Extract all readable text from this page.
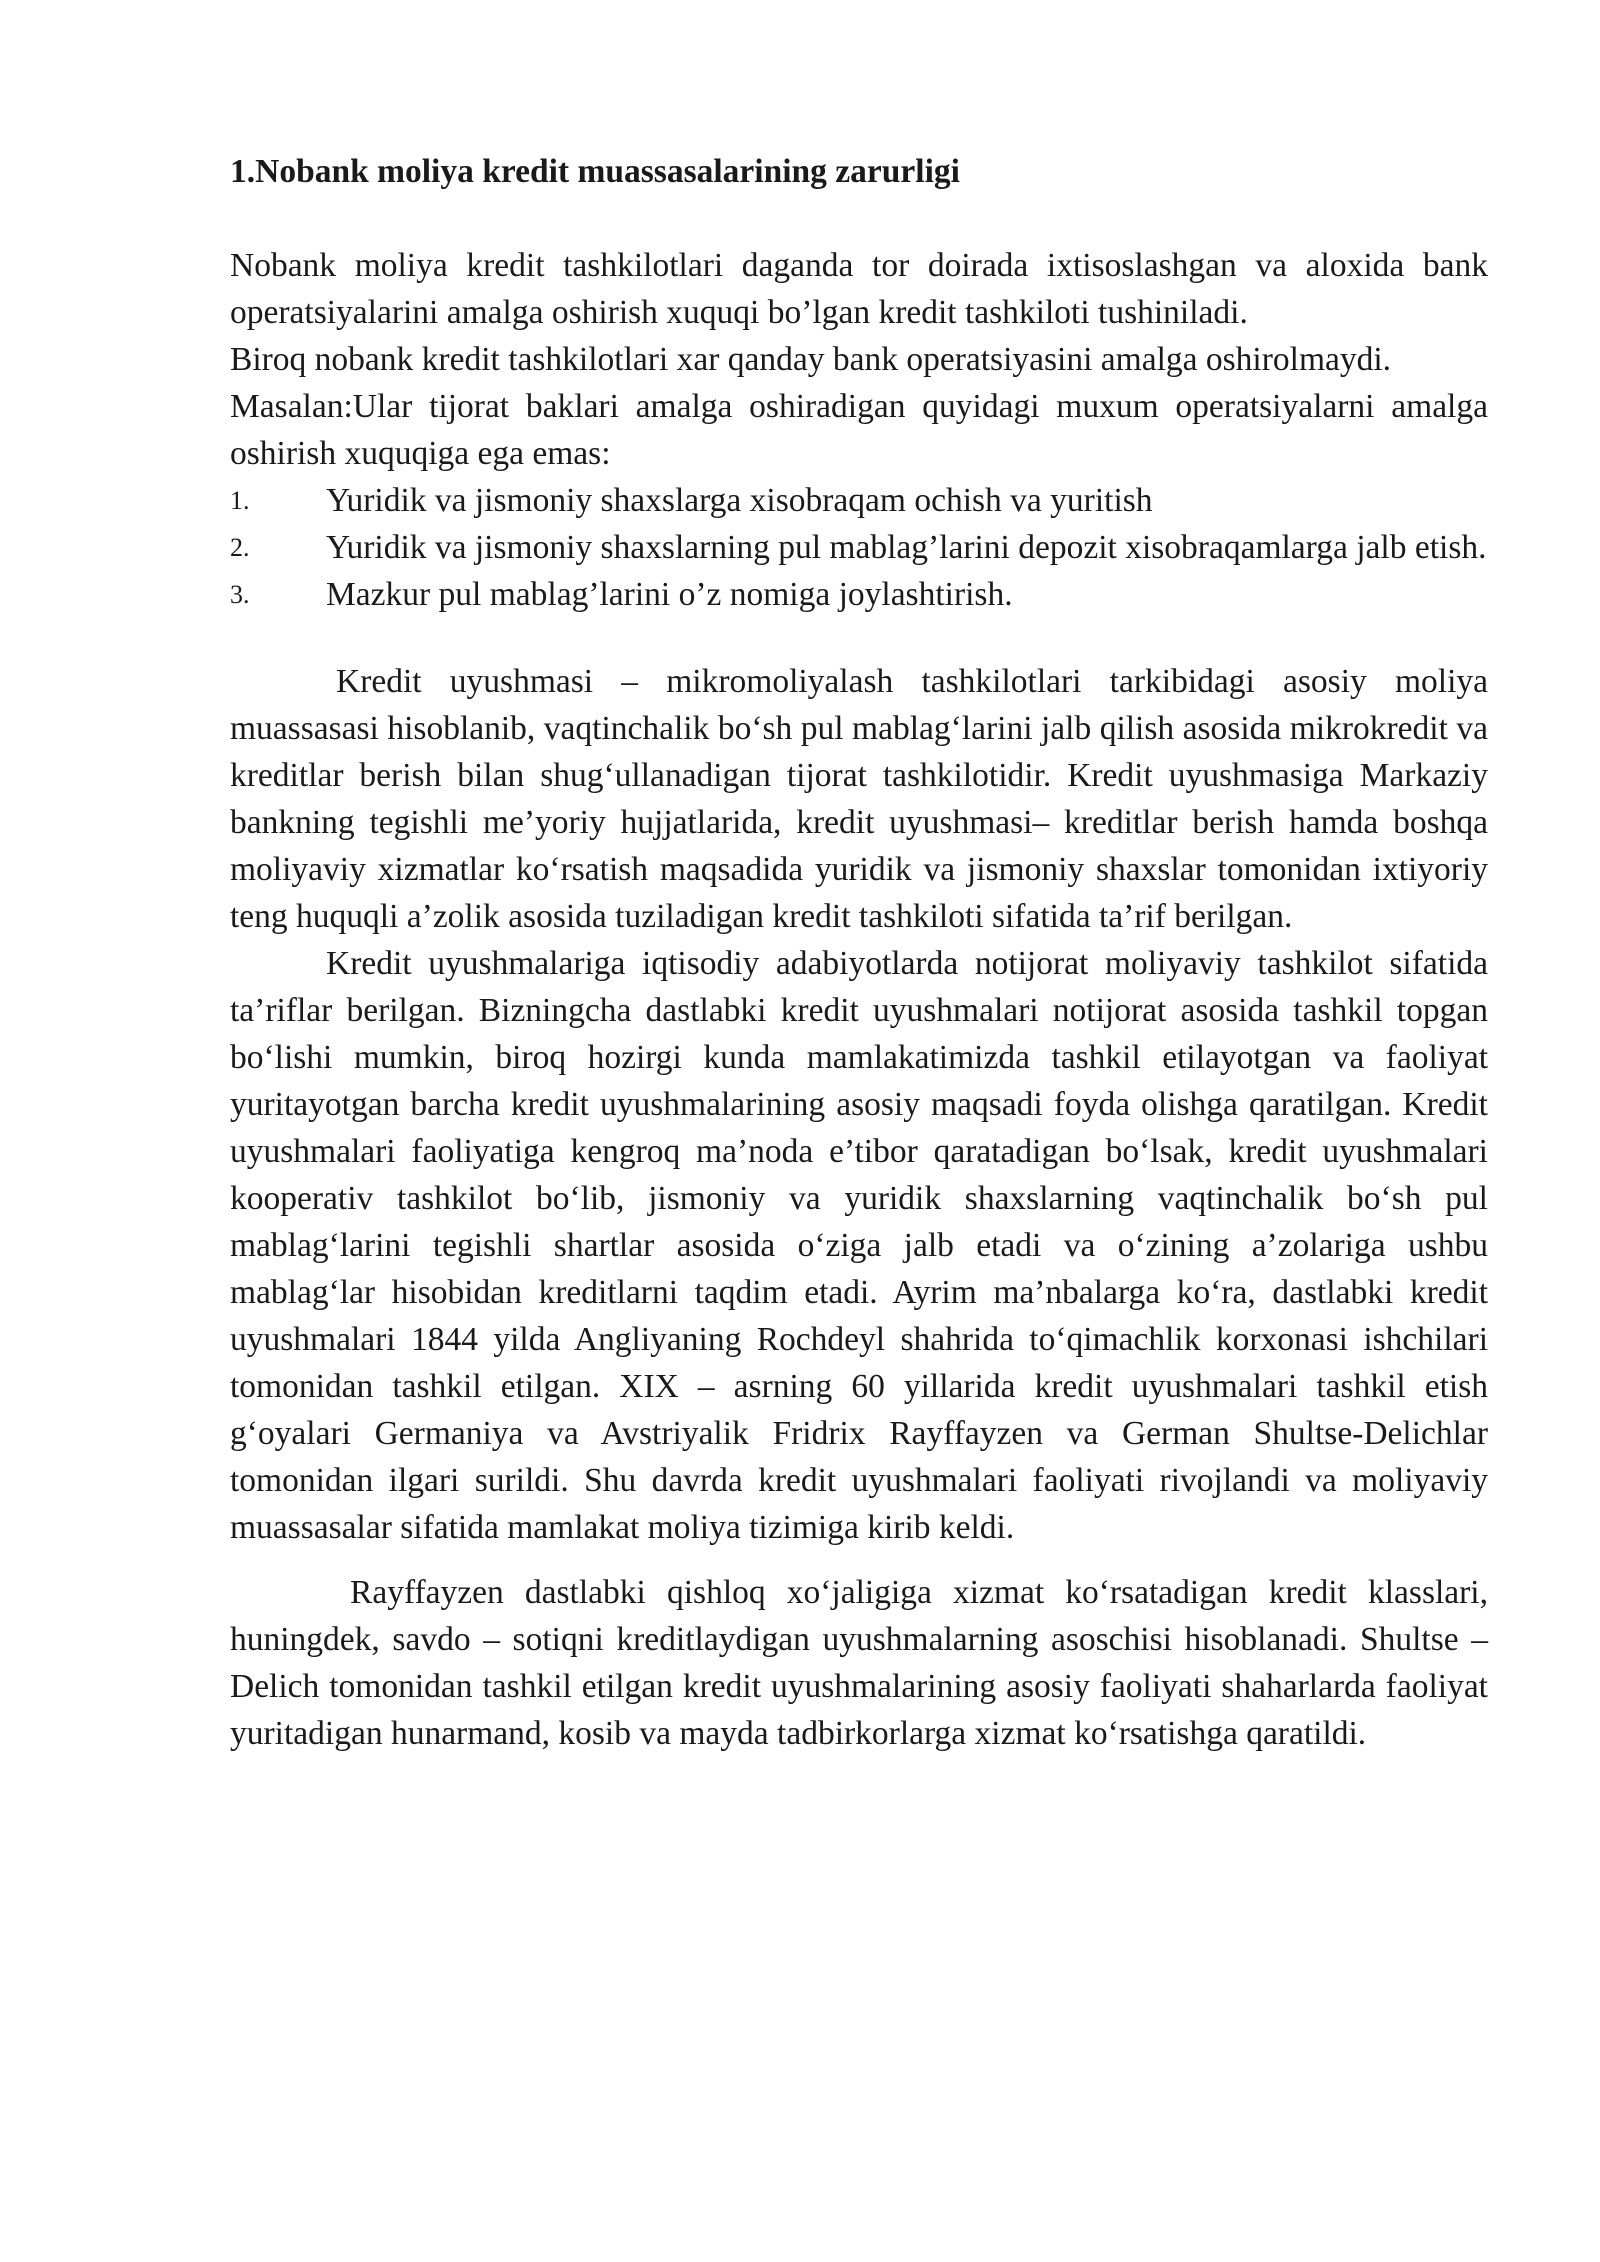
1.Nobank moliya kredit muassasalarining zarurligi

Nobank moliya kredit tashkilotlari daganda tor doirada ixtisoslashgan va aloxida bank operatsiyalarini amalga oshirish xuquqi bo’lgan kredit tashkiloti tushiniladi.

Biroq nobank kredit tashkilotlari xar qanday bank operatsiyasini amalga oshirolmaydi.

Masalan:Ular tijorat baklari amalga oshiradigan quyidagi muxum operatsiyalarni amalga oshirish xuquqiga ega emas:

1. Yuridik va jismoniy shaxslarga xisobraqam ochish va yuritish

2. Yuridik va jismoniy shaxslarning pul mablag’larini depozit xisobraqamlarga jalb etish.

3. Mazkur pul mablag’larini o’z nomiga joylashtirish.

Kredit uyushmasi – mikromoliyalash tashkilotlari tarkibidagi asosiy moliya muassasasi hisoblanib, vaqtinchalik bo‘sh pul mablag‘larini jalb qilish asosida mikrokredit va kreditlar berish bilan shug‘ullanadigan tijorat tashkilotidir. Kredit uyushmasiga Markaziy bankning tegishli me’yoriy hujjatlarida, kredit uyushmasi– kreditlar berish hamda boshqa moliyaviy xizmatlar ko‘rsatish maqsadida yuridik va jismoniy shaxslar tomonidan ixtiyoriy teng huquqli a’zolik asosida tuziladigan kredit tashkiloti sifatida ta’rif berilgan.

Kredit uyushmalariga iqtisodiy adabiyotlarda notijorat moliyaviy tashkilot sifatida ta’riflar berilgan. Bizningcha dastlabki kredit uyushmalari notijorat asosida tashkil topgan bo‘lishi mumkin, biroq hozirgi kunda mamlakatimizda tashkil etilayotgan va faoliyat yuritayotgan barcha kredit uyushmalarining asosiy maqsadi foyda olishga qaratilgan. Kredit uyushmalari faoliyatiga kengroq ma’noda e’tibor qaratadigan bo‘lsak, kredit uyushmalari kooperativ tashkilot bo‘lib, jismoniy va yuridik shaxslarning vaqtinchalik bo‘sh pul mablag‘larini tegishli shartlar asosida o‘ziga jalb etadi va o‘zining a’zolariga ushbu mablag‘lar hisobidan kreditlarni taqdim etadi. Ayrim ma’nbalarga ko‘ra, dastlabki kredit uyushmalari 1844 yilda Angliyaning Rochdeyl shahrida to‘qimachlik korxonasi ishchilari tomonidan tashkil etilgan. XIX – asrning 60 yillarida kredit uyushmalari tashkil etish g‘oyalari Germaniya va Avstriyalik Fridrix Rayffayzen va German Shultse-Delichlar tomonidan ilgari surildi. Shu davrda kredit uyushmalari faoliyati rivojlandi va moliyaviy muassasalar sifatida mamlakat moliya tizimiga kirib keldi.

Rayffayzen dastlabki qishloq xo‘jaligiga xizmat ko‘rsatadigan kredit klasslari, huningdek, savdo – sotiqni kreditlaydigan uyushmalarning asoschisi hisoblanadi. Shultse – Delich tomonidan tashkil etilgan kredit uyushmalarining asosiy faoliyati shaharlarda faoliyat yuritadigan hunarmand, kosib va mayda tadbirkorlarga xizmat ko‘rsatishga qaratildi.
